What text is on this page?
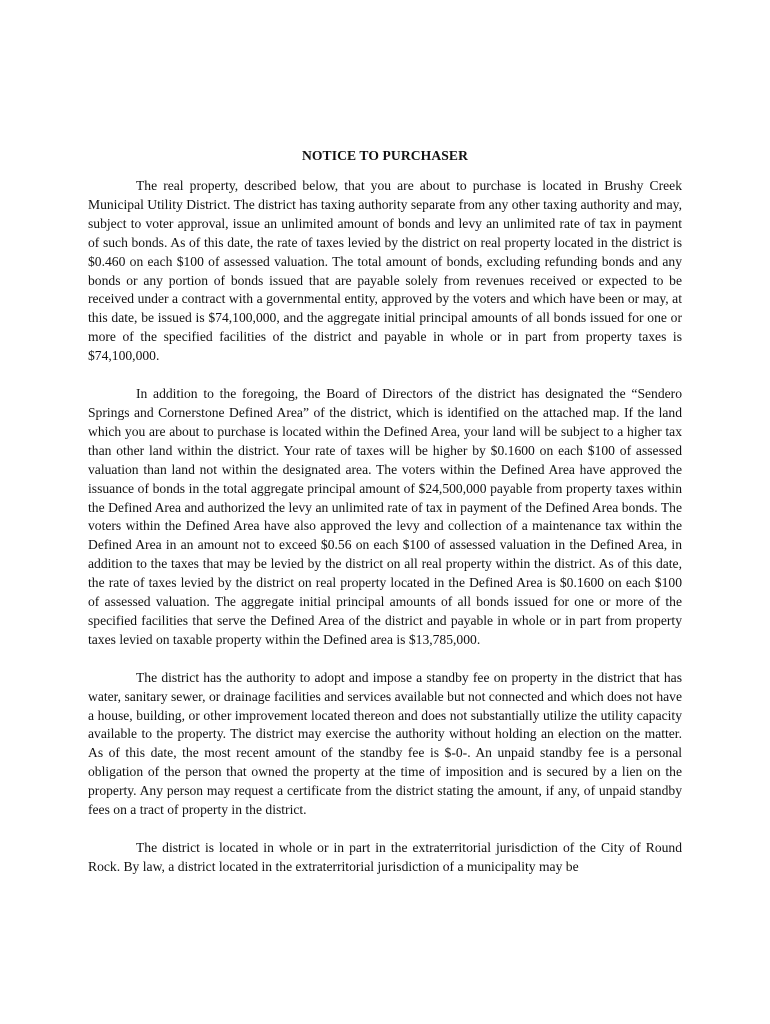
NOTICE TO PURCHASER

The real property, described below, that you are about to purchase is located in Brushy Creek Municipal Utility District. The district has taxing authority separate from any other taxing authority and may, subject to voter approval, issue an unlimited amount of bonds and levy an unlimited rate of tax in payment of such bonds. As of this date, the rate of taxes levied by the district on real property located in the district is $0.460 on each $100 of assessed valuation. The total amount of bonds, excluding refunding bonds and any bonds or any portion of bonds issued that are payable solely from revenues received or expected to be received under a contract with a governmental entity, approved by the voters and which have been or may, at this date, be issued is $74,100,000, and the aggregate initial principal amounts of all bonds issued for one or more of the specified facilities of the district and payable in whole or in part from property taxes is $74,100,000.

In addition to the foregoing, the Board of Directors of the district has designated the “Sendero Springs and Cornerstone Defined Area” of the district, which is identified on the attached map. If the land which you are about to purchase is located within the Defined Area, your land will be subject to a higher tax than other land within the district. Your rate of taxes will be higher by $0.1600 on each $100 of assessed valuation than land not within the designated area. The voters within the Defined Area have approved the issuance of bonds in the total aggregate principal amount of $24,500,000 payable from property taxes within the Defined Area and authorized the levy an unlimited rate of tax in payment of the Defined Area bonds. The voters within the Defined Area have also approved the levy and collection of a maintenance tax within the Defined Area in an amount not to exceed $0.56 on each $100 of assessed valuation in the Defined Area, in addition to the taxes that may be levied by the district on all real property within the district. As of this date, the rate of taxes levied by the district on real property located in the Defined Area is $0.1600 on each $100 of assessed valuation. The aggregate initial principal amounts of all bonds issued for one or more of the specified facilities that serve the Defined Area of the district and payable in whole or in part from property taxes levied on taxable property within the Defined area is $13,785,000.

The district has the authority to adopt and impose a standby fee on property in the district that has water, sanitary sewer, or drainage facilities and services available but not connected and which does not have a house, building, or other improvement located thereon and does not substantially utilize the utility capacity available to the property. The district may exercise the authority without holding an election on the matter. As of this date, the most recent amount of the standby fee is $-0-. An unpaid standby fee is a personal obligation of the person that owned the property at the time of imposition and is secured by a lien on the property. Any person may request a certificate from the district stating the amount, if any, of unpaid standby fees on a tract of property in the district.

The district is located in whole or in part in the extraterritorial jurisdiction of the City of Round Rock. By law, a district located in the extraterritorial jurisdiction of a municipality may be
